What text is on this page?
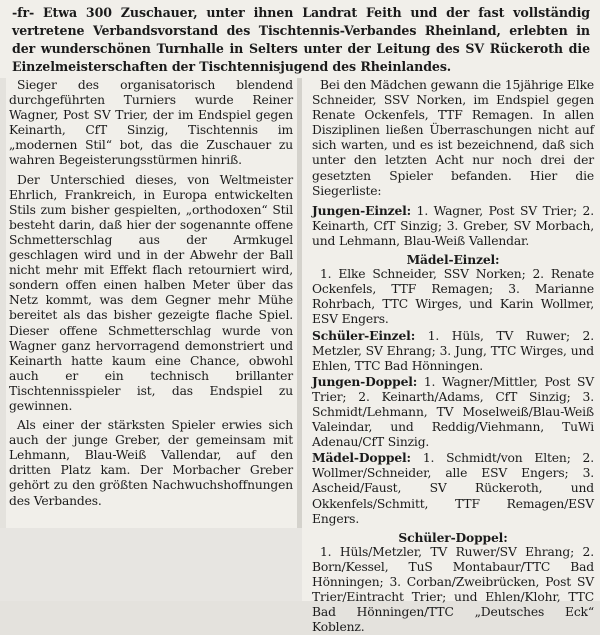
-fr- Etwa 300 Zuschauer, unter ihnen Landrat Feith und der fast vollständig vertretene Verbandsvorstand des Tischtennis-Verbandes Rheinland, erlebten in der wunderschönen Turnhalle in Selters unter der Leitung des SV Rückeroth die Einzelmeisterschaften der Tischtennisjugend des Rheinlandes.

Sieger des organisatorisch blendend durchgeführten Turniers wurde Reiner Wagner, Post SV Trier, der im Endspiel gegen Keinarth, CfT Sinzig, Tischtennis im „modernen Stil“ bot, das die Zuschauer zu wahren Begeisterungsstürmen hinriß.

Der Unterschied dieses, von Weltmeister Ehrlich, Frankreich, in Europa entwickelten Stils zum bisher gespielten, „orthodoxen“ Stil besteht darin, daß hier der sogenannte offene Schmetterschlag aus der Armkugel geschlagen wird und in der Abwehr der Ball nicht mehr mit Effekt flach retourniert wird, sondern offen einen halben Meter über das Netz kommt, was dem Gegner mehr Mühe bereitet als das bisher gezeigte flache Spiel. Dieser offene Schmetterschlag wurde von Wagner ganz hervorragend demonstriert und Keinarth hatte kaum eine Chance, obwohl auch er ein technisch brillanter Tischtennisspieler ist, das Endspiel zu gewinnen.

Als einer der stärksten Spieler erwies sich auch der junge Greber, der gemeinsam mit Lehmann, Blau-Weiß Vallendar, auf den dritten Platz kam. Der Morbacher Greber gehört zu den größten Nachwuchshoffnungen des Verbandes.

Bei den Mädchen gewann die 15jährige Elke Schneider, SSV Norken, im Endspiel gegen Renate Ockenfels, TTF Remagen. In allen Disziplinen ließen Überraschungen nicht auf sich warten, und es ist bezeichnend, daß sich unter den letzten Acht nur noch drei der gesetzten Spieler befanden. Hier die Siegerliste:

Jungen-Einzel: 1. Wagner, Post SV Trier; 2. Keinarth, CfT Sinzig; 3. Greber, SV Morbach, und Lehmann, Blau-Weiß Vallendar.

Mädel-Einzel:

1. Elke Schneider, SSV Norken; 2. Renate Ockenfels, TTF Remagen; 3. Marianne Rohrbach, TTC Wirges, und Karin Wollmer, ESV Engers.

Schüler-Einzel: 1. Hüls, TV Ruwer; 2. Metzler, SV Ehrang; 3. Jung, TTC Wirges, und Ehlen, TTC Bad Hönningen.

Jungen-Doppel: 1. Wagner/Mittler, Post SV Trier; 2. Keinarth/Adams, CfT Sinzig; 3. Schmidt/Lehmann, TV Moselweiß/Blau-Weiß Valeindar, und Reddig/Viehmann, TuWi Adenau/CfT Sinzig.

Mädel-Doppel: 1. Schmidt/von Elten; 2. Wollmer/Schneider, alle ESV Engers; 3. Ascheid/Faust, SV Rückeroth, und Okkenfels/Schmitt, TTF Remagen/ESV Engers.

Schüler-Doppel:

1. Hüls/Metzler, TV Ruwer/SV Ehrang; 2. Born/Kessel, TuS Montabaur/TTC Bad Hönningen; 3. Corban/Zweibrücken, Post SV Trier/Eintracht Trier; und Ehlen/Klohr, TTC Bad Hönningen/TTC „Deutsches Eck“ Koblenz.
